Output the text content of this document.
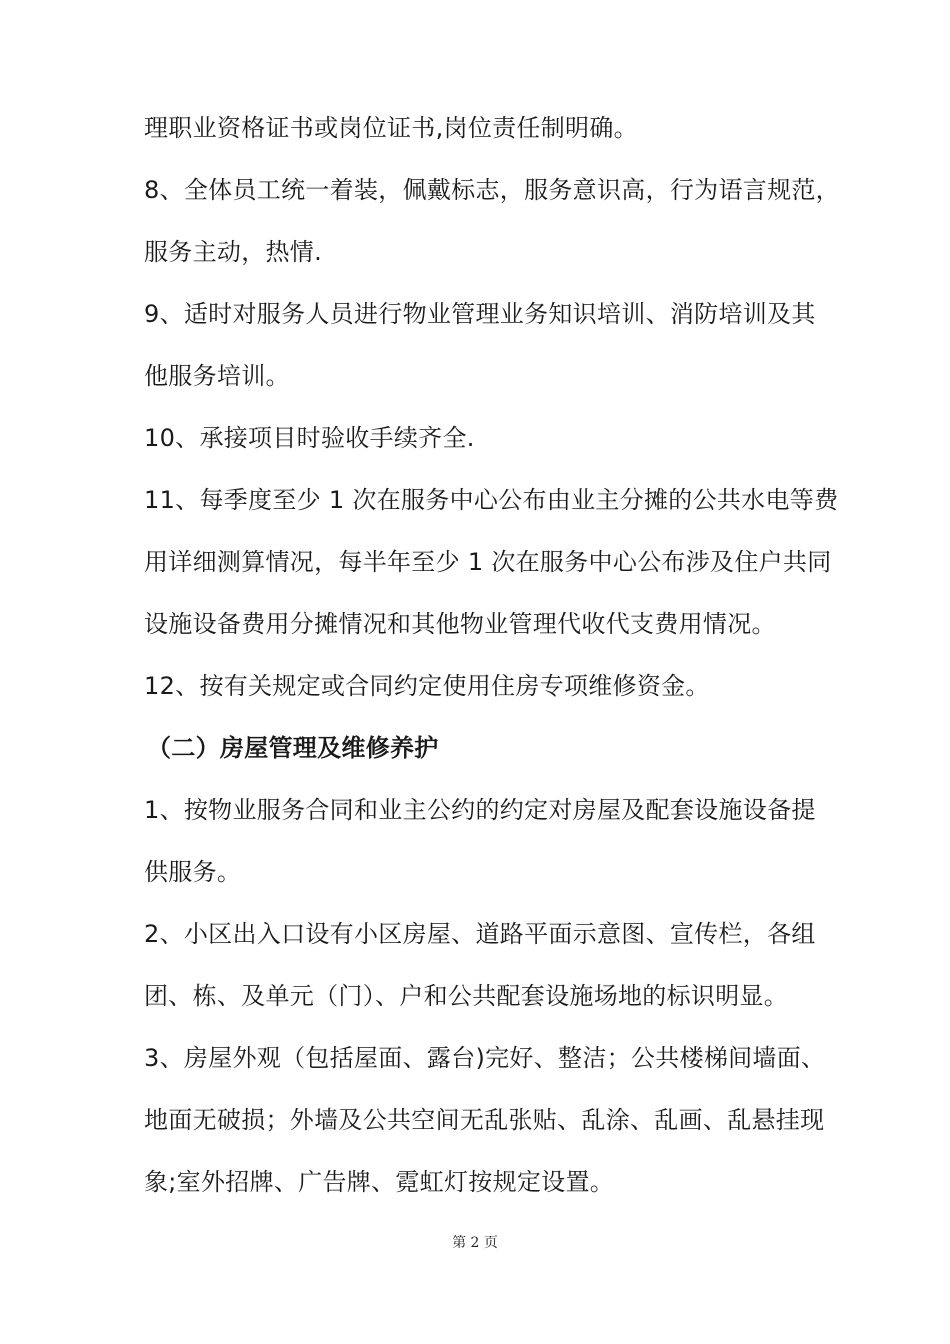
理职业资格证书或岗位证书,岗位责任制明确。
8、全体员工统一着装，佩戴标志，服务意识高，行为语言规范，
服务主动，热情.
9、适时对服务人员进行物业管理业务知识培训、消防培训及其
他服务培训。
10、承接项目时验收手续齐全.
11、每季度至少 1 次在服务中心公布由业主分摊的公共水电等费
用详细测算情况，每半年至少 1 次在服务中心公布涉及住户共同
设施设备费用分摊情况和其他物业管理代收代支费用情况。
12、按有关规定或合同约定使用住房专项维修资金。
（二）房屋管理及维修养护
1、按物业服务合同和业主公约的约定对房屋及配套设施设备提
供服务。
2、小区出入口设有小区房屋、道路平面示意图、宣传栏，各组
团、栋、及单元（门）、户和公共配套设施场地的标识明显。
3、房屋外观（包括屋面、露台)完好、整洁；公共楼梯间墙面、
地面无破损；外墙及公共空间无乱张贴、乱涂、乱画、乱悬挂现
象;室外招牌、广告牌、霓虹灯按规定设置。
第 2 页
